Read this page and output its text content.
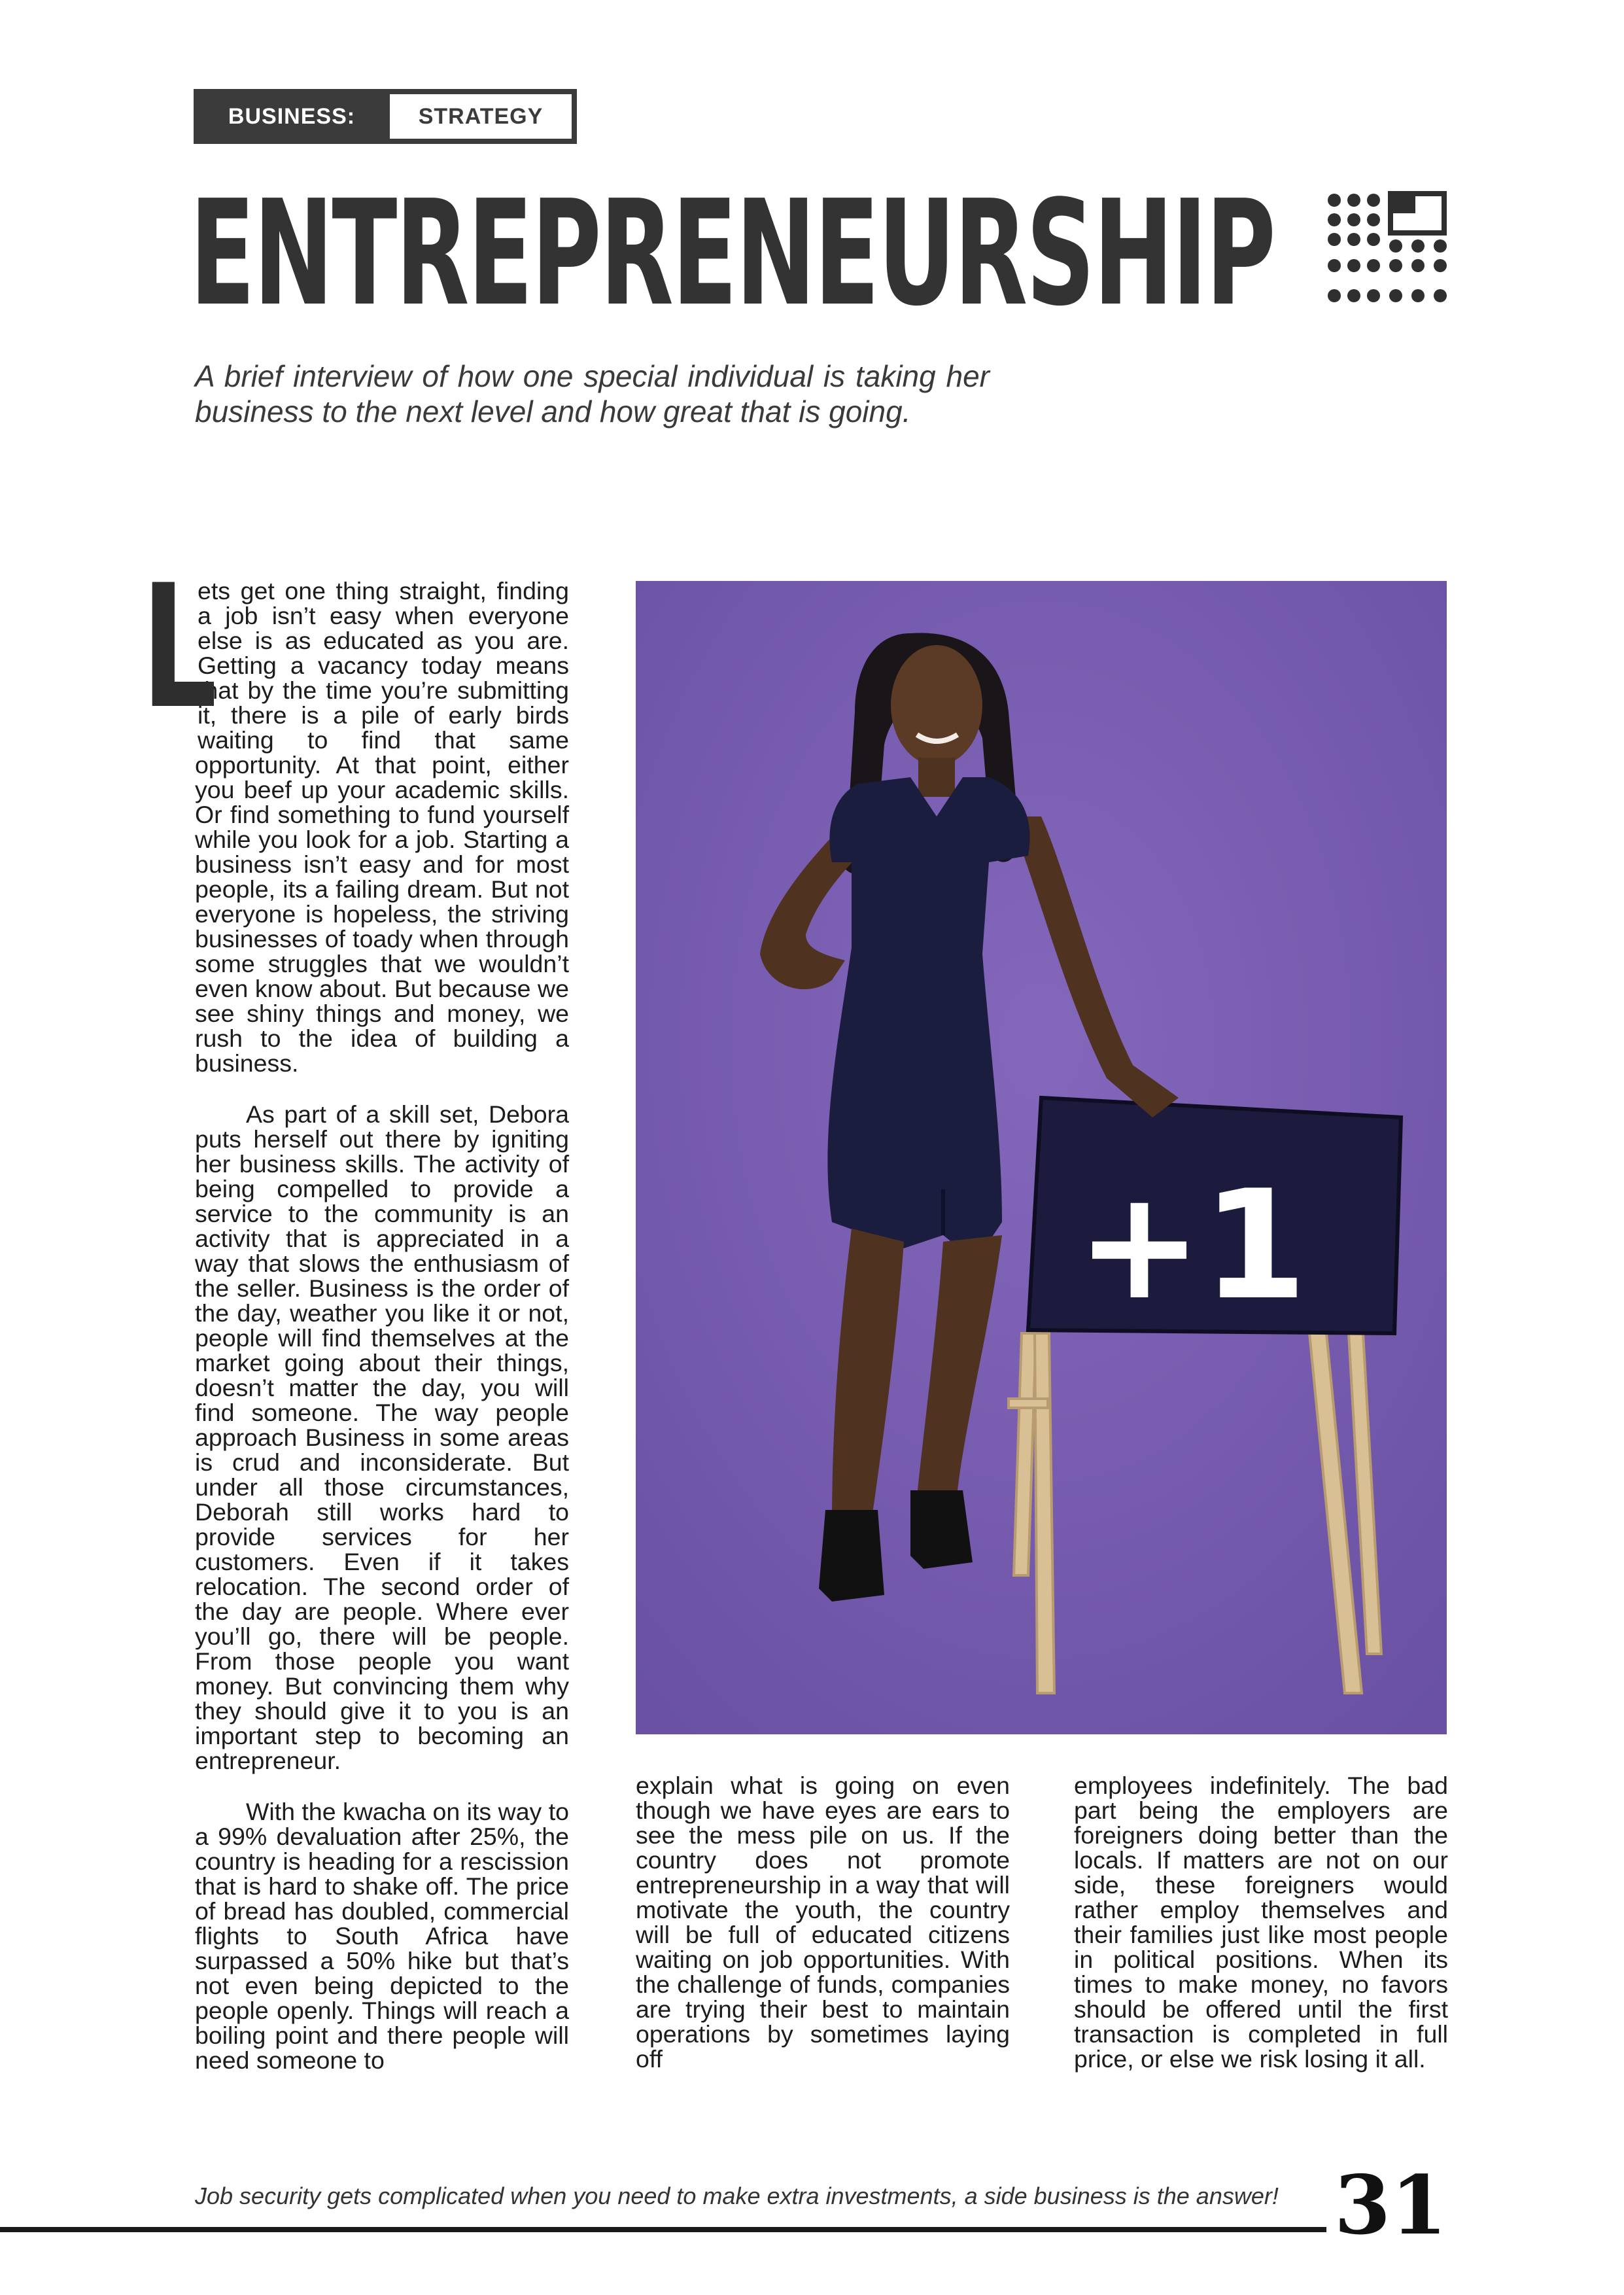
BUSINESS:	STRATEGY
ENTREPRENEURSHIP
A brief interview of how one special individual is taking her business to the next level and how great that is going.

L
ets get one thing straight, finding a job isn’t easy when everyone else is as educated as you are. Getting a vacancy today means that by the time you’re submitting it, there is a pile of early birds waiting to find that same opportunity. At that point, either you beef up your academic skills. Or find something to fund yourself while you look for a job. Starting a business isn’t easy and for most people, its a failing dream. But not everyone is hopeless, the striving businesses of toady when through some struggles that we wouldn’t even know about. But because we see shiny things and money, we rush to the idea of building a business.

As part of a skill set, Debora puts herself out there by igniting her business skills. The activity of being compelled to provide a service to the community is an activity that is appreciated in a way that slows the enthusiasm of the seller. Business is the order of the day, weather you like it or not, people will find themselves at the market going about their things, doesn’t matter the day, you will find someone. The way people approach Business in some areas is crud and inconsiderate. But under all those circumstances, Deborah still works hard to provide services for her customers. Even if it takes relocation. The second order of the day are people. Where ever you’ll go, there will be people. From those people you want money. But convincing them why they should give it to you is an important step to becoming an entrepreneur.

With the kwacha on its way to a 99% devaluation after 25%, the country is heading for a rescission that is hard to shake off. The price of bread has doubled, commercial flights to South Africa have surpassed a 50% hike but that’s not even being depicted to the people openly. Things will reach a boiling point and there people will need someone to

+1

explain what is going on even though we have eyes are ears to see the mess pile on us. If the country does not promote entrepreneurship in a way that will motivate the youth, the country will be full of educated citizens waiting on job opportunities. With the challenge of funds, companies are trying their best to maintain operations by sometimes laying off

employees indefinitely. The bad part being the employers are foreigners doing better than the locals. If matters are not on our side, these foreigners would rather employ themselves and their families just like most people in political positions. When its times to make money, no favors should be offered until the first transaction is completed in full price, or else we risk losing it all.

Job security gets complicated when you need to make extra investments, a side business is the answer! 31
